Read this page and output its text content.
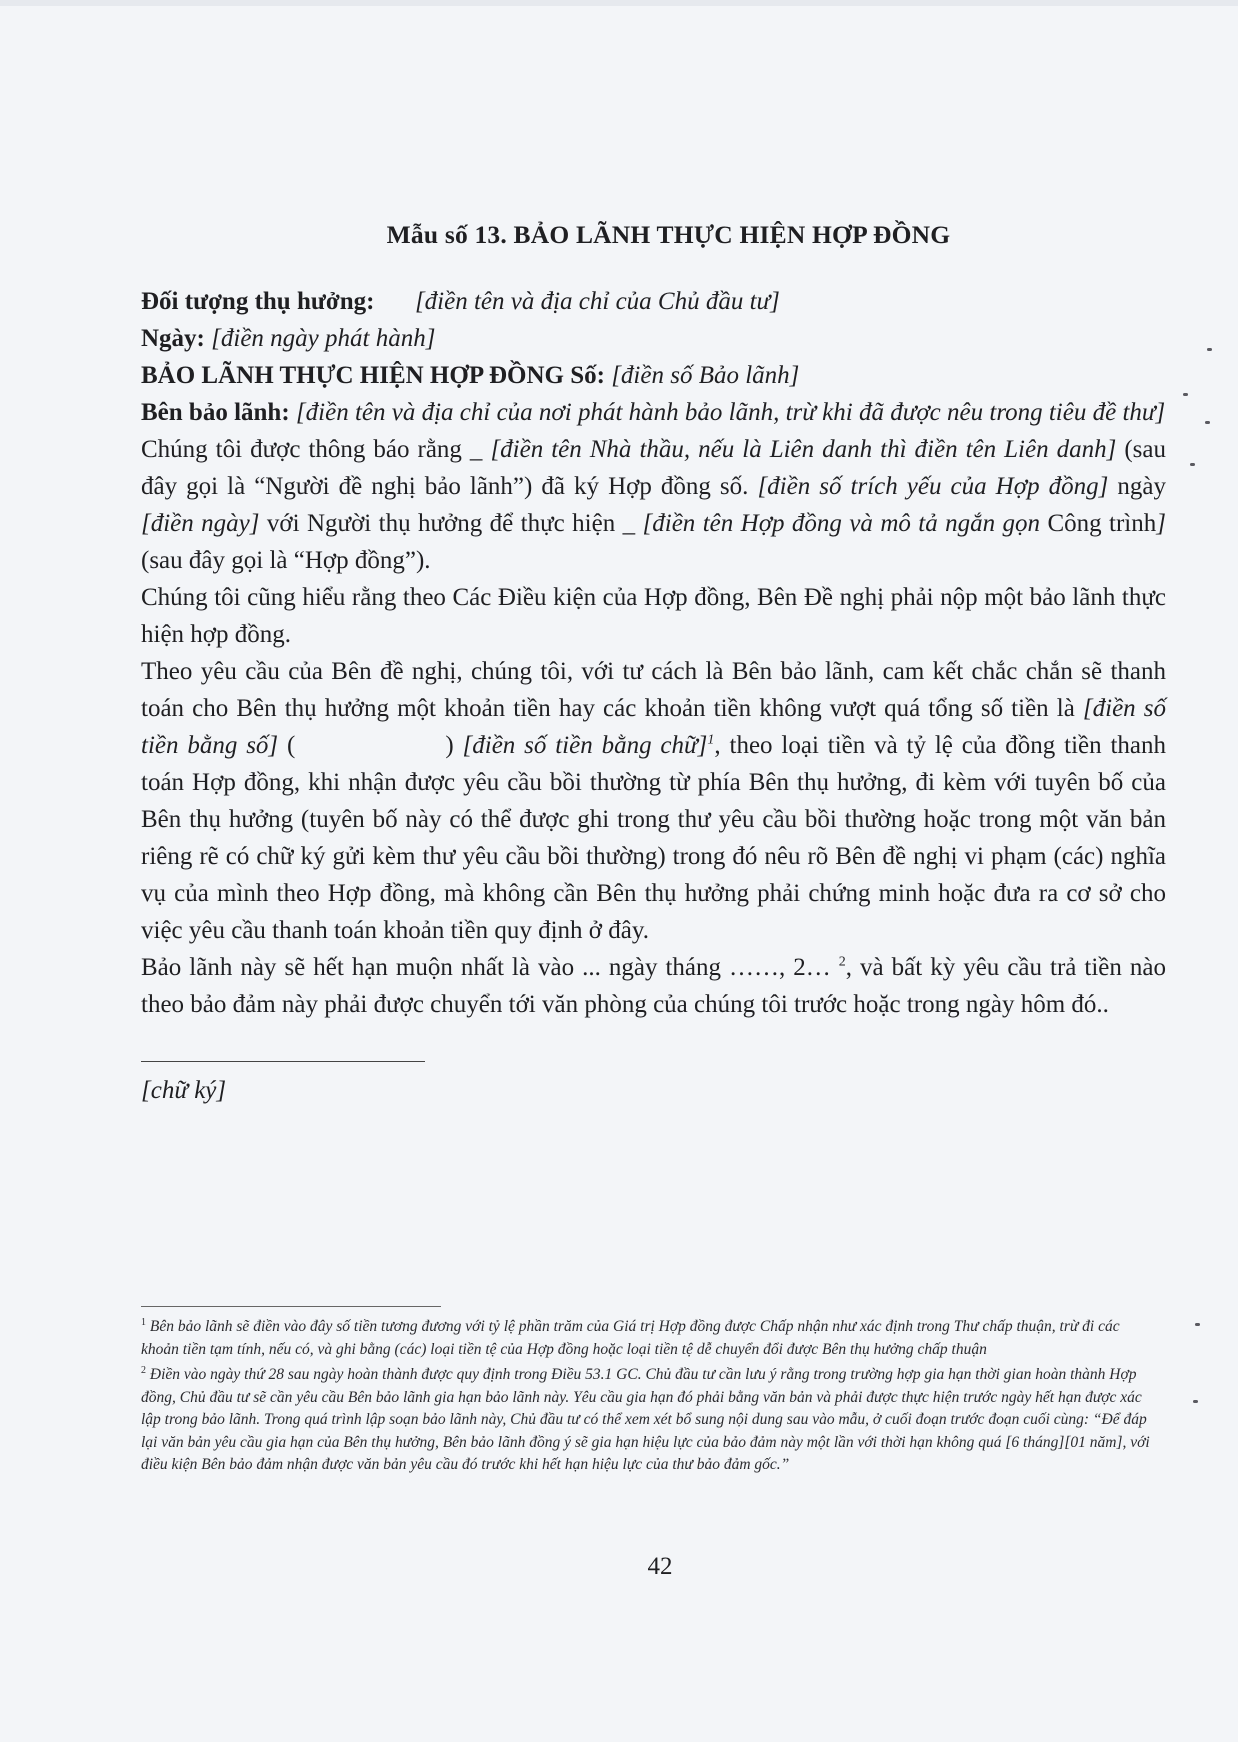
Mẫu số 13. BẢO LÃNH THỰC HIỆN HỢP ĐỒNG

Đối tượng thụ hưởng: [điền tên và địa chỉ của Chủ đầu tư]

Ngày: [điền ngày phát hành]

BẢO LÃNH THỰC HIỆN HỢP ĐỒNG Số: [điền số Bảo lãnh]

Bên bảo lãnh: [điền tên và địa chỉ của nơi phát hành bảo lãnh, trừ khi đã được nêu trong tiêu đề thư]

Chúng tôi được thông báo rằng _ [điền tên Nhà thầu, nếu là Liên danh thì điền tên Liên danh] (sau đây gọi là “Người đề nghị bảo lãnh”) đã ký Hợp đồng số. [điền số trích yếu của Hợp đồng] ngày [điền ngày] với Người thụ hưởng để thực hiện _ [điền tên Hợp đồng và mô tả ngắn gọn Công trình] (sau đây gọi là “Hợp đồng”).

Chúng tôi cũng hiểu rằng theo Các Điều kiện của Hợp đồng, Bên Đề nghị phải nộp một bảo lãnh thực hiện hợp đồng.

Theo yêu cầu của Bên đề nghị, chúng tôi, với tư cách là Bên bảo lãnh, cam kết chắc chắn sẽ thanh toán cho Bên thụ hưởng một khoản tiền hay các khoản tiền không vượt quá tổng số tiền là [điền số tiền bằng số] (	) [điền số tiền bằng chữ]$^1$, theo loại tiền và tỷ lệ của đồng tiền thanh toán Hợp đồng, khi nhận được yêu cầu bồi thường từ phía Bên thụ hưởng, đi kèm với tuyên bố của Bên thụ hưởng (tuyên bố này có thể được ghi trong thư yêu cầu bồi thường hoặc trong một văn bản riêng rẽ có chữ ký gửi kèm thư yêu cầu bồi thường) trong đó nêu rõ Bên đề nghị vi phạm (các) nghĩa vụ của mình theo Hợp đồng, mà không cần Bên thụ hưởng phải chứng minh hoặc đưa ra cơ sở cho việc yêu cầu thanh toán khoản tiền quy định ở đây.

Bảo lãnh này sẽ hết hạn muộn nhất là vào ... ngày tháng ……, 2… $^2$, và bất kỳ yêu cầu trả tiền nào theo bảo đảm này phải được chuyển tới văn phòng của chúng tôi trước hoặc trong ngày hôm đó..

[chữ ký]

$^1$ Bên bảo lãnh sẽ điền vào đây số tiền tương đương với tỷ lệ phần trăm của Giá trị Hợp đồng được Chấp nhận như xác định trong Thư chấp thuận, trừ đi các khoản tiền tạm tính, nếu có, và ghi bằng (các) loại tiền tệ của Hợp đồng hoặc loại tiền tệ dễ chuyển đổi được Bên thụ hưởng chấp thuận

$^2$ Điền vào ngày thứ 28 sau ngày hoàn thành được quy định trong Điều 53.1 GC. Chủ đầu tư cần lưu ý rằng trong trường hợp gia hạn thời gian hoàn thành Hợp đồng, Chủ đầu tư sẽ cần yêu cầu Bên bảo lãnh gia hạn bảo lãnh này. Yêu cầu gia hạn đó phải bằng văn bản và phải được thực hiện trước ngày hết hạn được xác lập trong bảo lãnh. Trong quá trình lập soạn bảo lãnh này, Chủ đầu tư có thể xem xét bổ sung nội dung sau vào mẫu, ở cuối đoạn trước đoạn cuối cùng: “Để đáp lại văn bản yêu cầu gia hạn của Bên thụ hưởng, Bên bảo lãnh đồng ý sẽ gia hạn hiệu lực của bảo đảm này một lần với thời hạn không quá [6 tháng][01 năm], với điều kiện Bên bảo đảm nhận được văn bản yêu cầu đó trước khi hết hạn hiệu lực của thư bảo đảm gốc.”

42
